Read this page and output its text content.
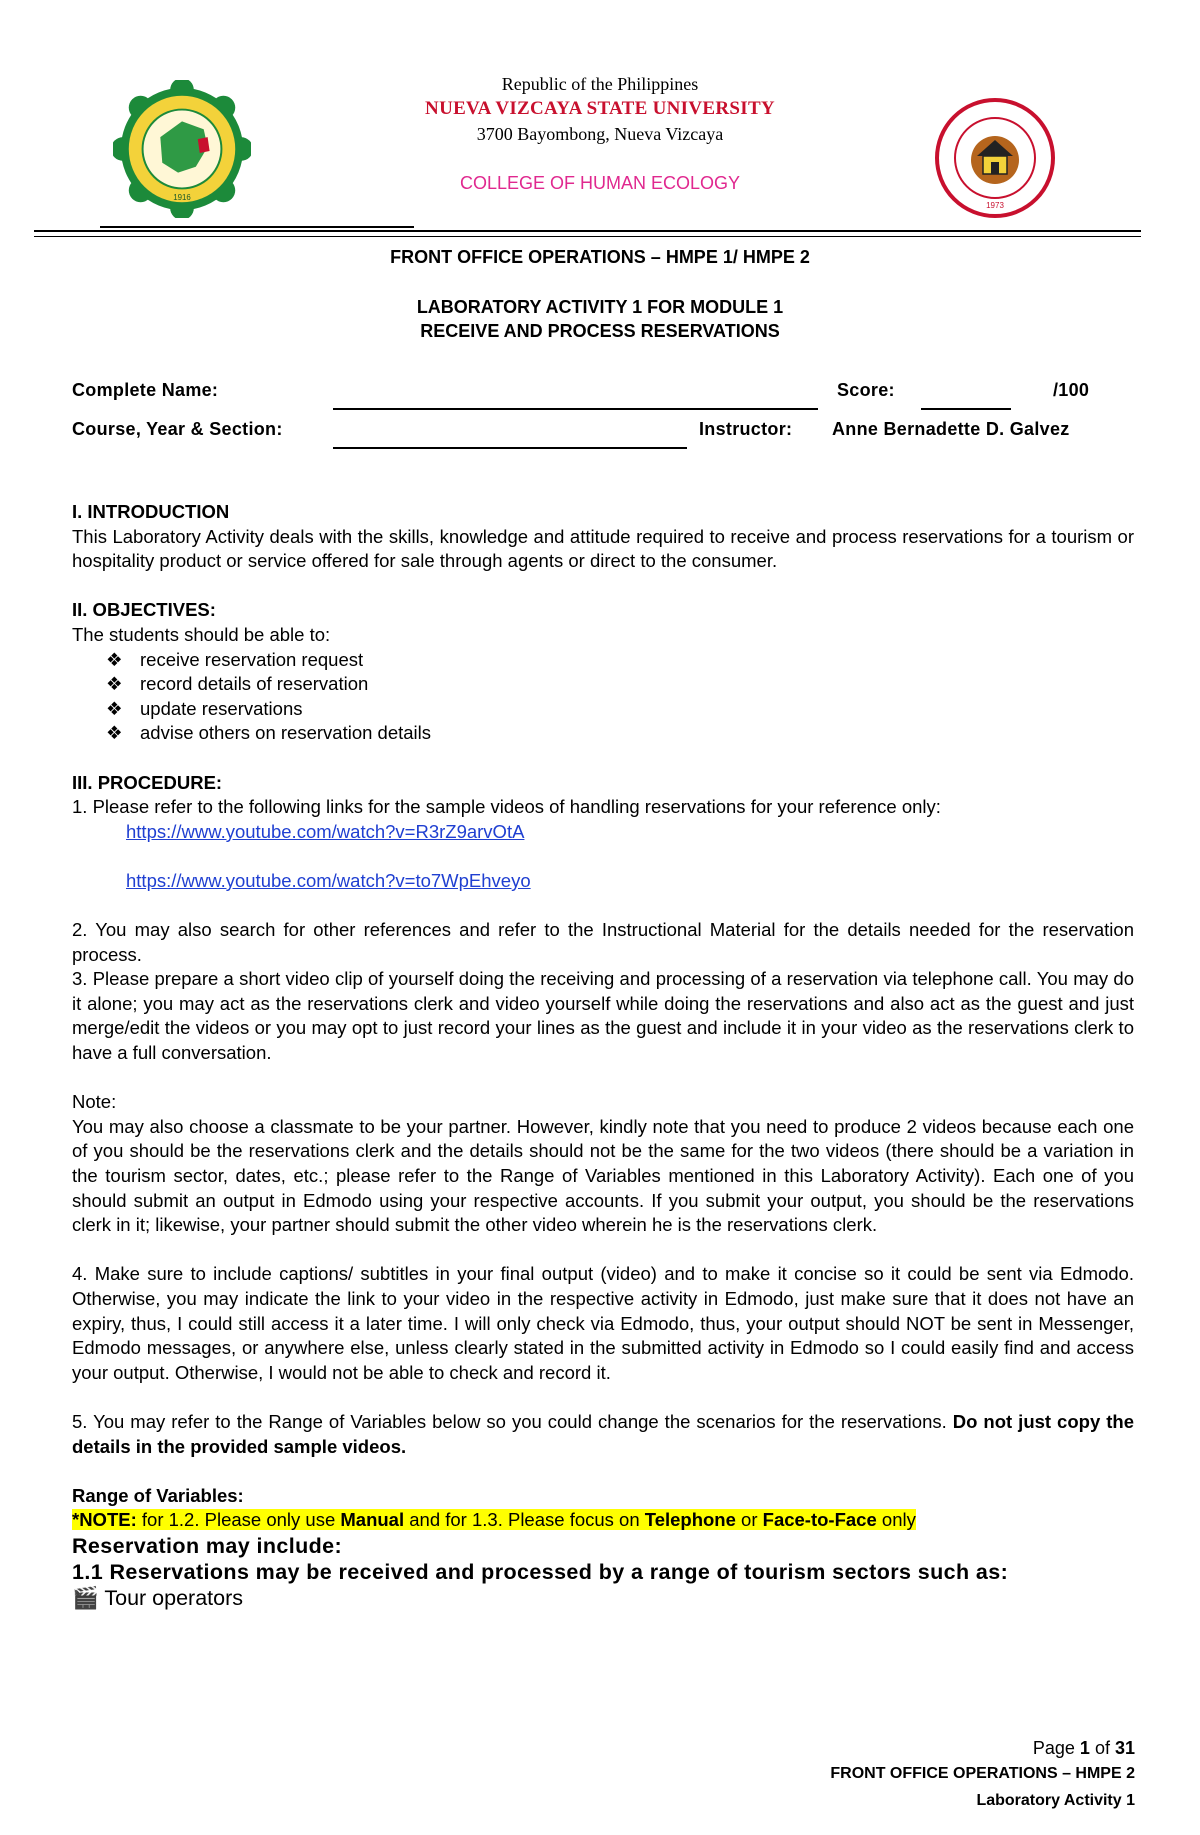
1916
1973
Republic of the Philippines
NUEVA VIZCAYA STATE UNIVERSITY
3700 Bayombong, Nueva Vizcaya
COLLEGE OF HUMAN ECOLOGY
FRONT OFFICE OPERATIONS – HMPE 1/ HMPE 2
LABORATORY ACTIVITY 1 FOR MODULE 1
RECEIVE AND PROCESS RESERVATIONS
Complete Name:	Score:	/100
Course, Year & Section:	Instructor: Anne Bernadette D. Galvez

I. INTRODUCTION

This Laboratory Activity deals with the skills, knowledge and attitude required to receive and process reservations for a tourism or hospitality product or service offered for sale through agents or direct to the consumer.

II. OBJECTIVES:

The students should be able to:

❖ receive reservation request
❖ record details of reservation
❖ update reservations
❖ advise others on reservation details

III. PROCEDURE:

1. Please refer to the following links for the sample videos of handling reservations for your reference only:

https://www.youtube.com/watch?v=R3rZ9arvOtA
https://www.youtube.com/watch?v=to7WpEhveyo

2. You may also search for other references and refer to the Instructional Material for the details needed for the reservation process.

3. Please prepare a short video clip of yourself doing the receiving and processing of a reservation via telephone call. You may do it alone; you may act as the reservations clerk and video yourself while doing the reservations and also act as the guest and just merge/edit the videos or you may opt to just record your lines as the guest and include it in your video as the reservations clerk to have a full conversation.

Note:

You may also choose a classmate to be your partner. However, kindly note that you need to produce 2 videos because each one of you should be the reservations clerk and the details should not be the same for the two videos (there should be a variation in the tourism sector, dates, etc.; please refer to the Range of Variables mentioned in this Laboratory Activity). Each one of you should submit an output in Edmodo using your respective accounts. If you submit your output, you should be the reservations clerk in it; likewise, your partner should submit the other video wherein he is the reservations clerk.

4. Make sure to include captions/ subtitles in your final output (video) and to make it concise so it could be sent via Edmodo. Otherwise, you may indicate the link to your video in the respective activity in Edmodo, just make sure that it does not have an expiry, thus, I could still access it a later time. I will only check via Edmodo, thus, your output should NOT be sent in Messenger, Edmodo messages, or anywhere else, unless clearly stated in the submitted activity in Edmodo so I could easily find and access your output. Otherwise, I would not be able to check and record it.

5. You may refer to the Range of Variables below so you could change the scenarios for the reservations. Do not just copy the details in the provided sample videos.

Range of Variables:

*NOTE: for 1.2. Please only use Manual and for 1.3. Please focus on Telephone or Face-to-Face only

Reservation may include:

1.1 Reservations may be received and processed by a range of tourism sectors such as:

🎬 Tour operators

Page 1 of 31
FRONT OFFICE OPERATIONS – HMPE 2
Laboratory Activity 1
